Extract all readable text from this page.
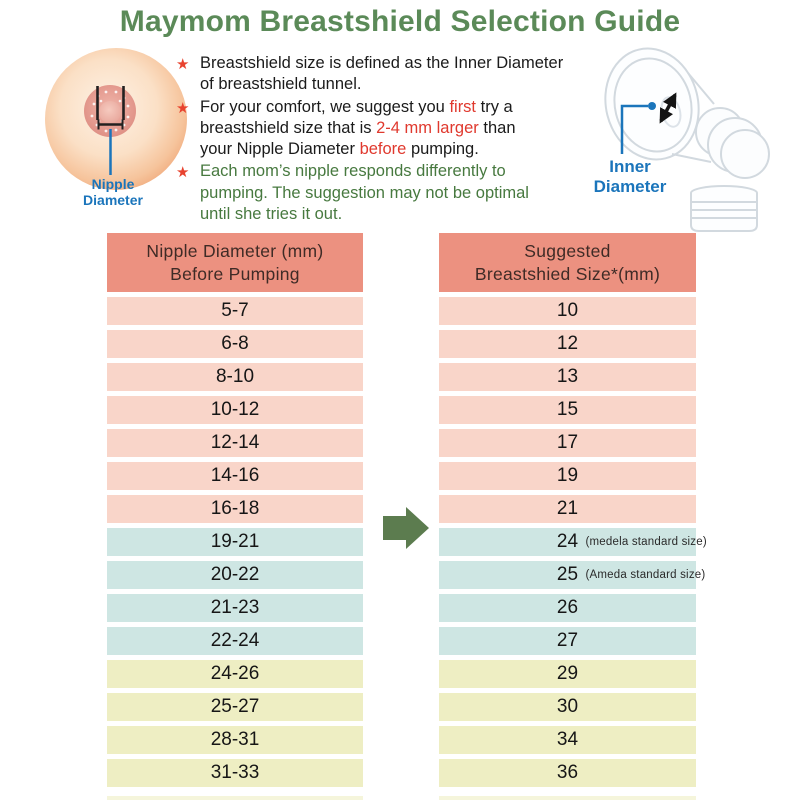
Maymom Breastshield Selection Guide
Nipple Diameter
★ Breastshield size is defined as the Inner Diameter
of breastshield tunnel.
★ For your comfort, we suggest you first try a
breastshield size that is 2-4 mm larger than
your Nipple Diameter before pumping.
★ Each mom’s nipple responds differently to
pumping. The suggestion may not be optimal
until she tries it out.
Inner Diameter
Nipple Diameter (mm)
Before Pumping
5-7
6-8
8-10
10-12
12-14
14-16
16-18
19-21
20-22
21-23
22-24
24-26
25-27
28-31
31-33
Suggested
Breastshied Size*(mm)
10
12
13
15
17
19
21
24 (medela standard size)
25 (Ameda standard size)
26
27
29
30
34
36
